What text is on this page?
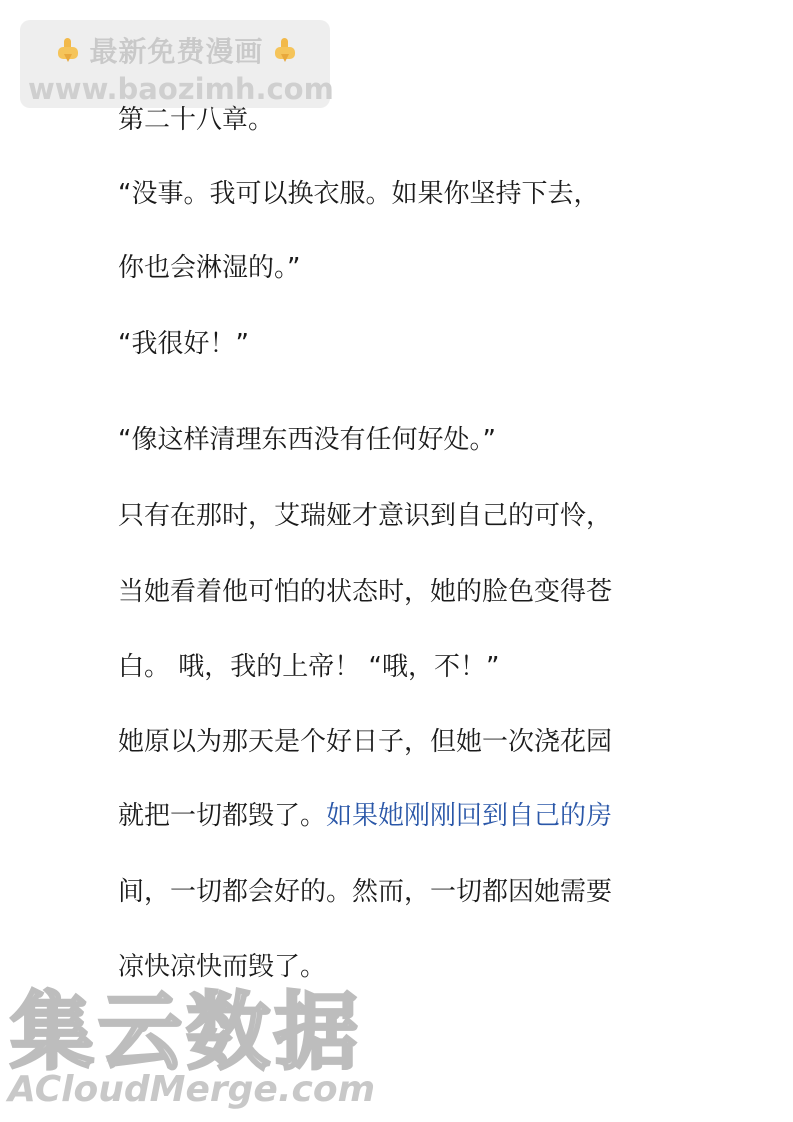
最新免费漫画
www.baozimh.com
第二十八章。
“没事。我可以换衣服。如果你坚持下去，
你也会淋湿的。”
“我很好！”
“像这样清理东西没有任何好处。”
只有在那时，艾瑞娅才意识到自己的可怜，
当她看着他可怕的状态时，她的脸色变得苍
白。 哦，我的上帝！ “哦，不！”
她原以为那天是个好日子，但她一次浇花园
就把一切都毁了。如果她刚刚回到自己的房
间，一切都会好的。然而，一切都因她需要
凉快凉快而毁了。
集云数据
ACloudMerge.com
